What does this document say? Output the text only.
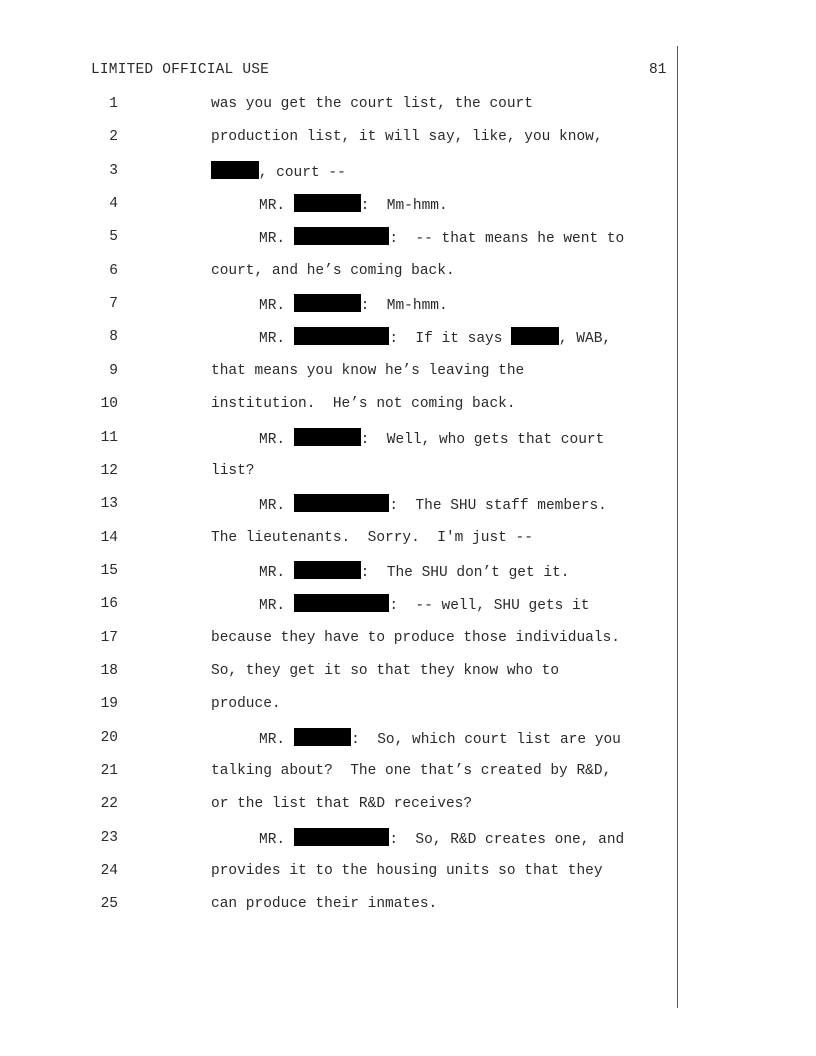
LIMITED OFFICIAL USE	81
1	was you get the court list, the court
2	production list, it will say, like, you know,
3	, court --
4	MR.	:  Mm-hmm.
5	MR.	:  -- that means he went to
6	court, and he’s coming back.
7	MR.	:  Mm-hmm.
8	MR.	:  If it says	, WAB,
9	that means you know he’s leaving the
10	institution.  He’s not coming back.
11	MR.	:  Well, who gets that court
12	list?
13	MR.	:  The SHU staff members.
14	The lieutenants.  Sorry.  I'm just --
15	MR.	:  The SHU don’t get it.
16	MR.	:  -- well, SHU gets it
17	because they have to produce those individuals.
18	So, they get it so that they know who to
19	produce.
20	MR.	:  So, which court list are you
21	talking about?  The one that’s created by R&D,
22	or the list that R&D receives?
23	MR.	:  So, R&D creates one, and
24	provides it to the housing units so that they
25	can produce their inmates.
